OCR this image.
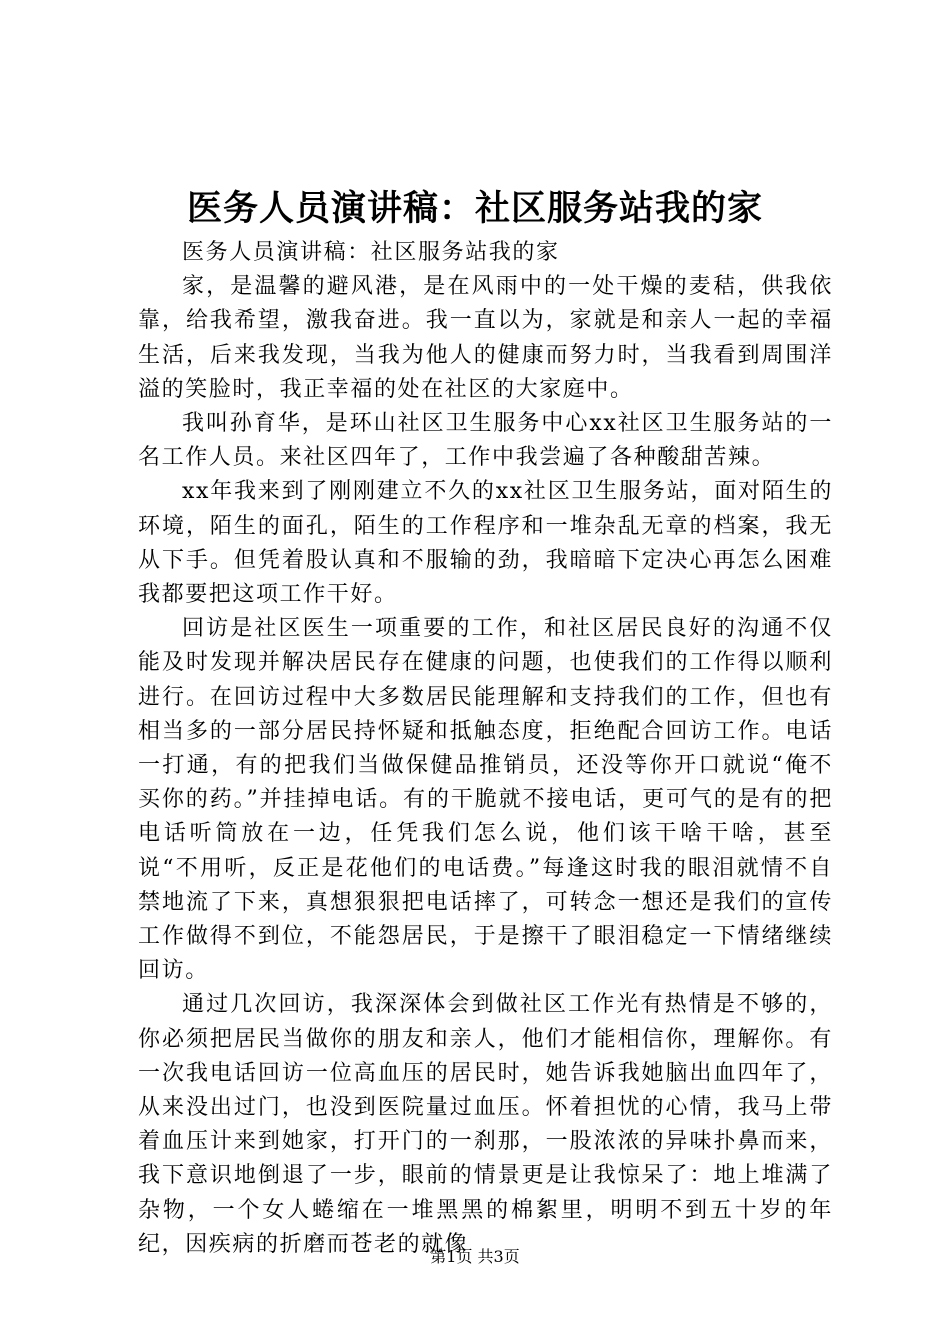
医务人员演讲稿：社区服务站我的家

医务人员演讲稿：社区服务站我的家

家，是温馨的避风港，是在风雨中的一处干燥的麦秸，供我依靠，给我希望，激我奋进。我一直以为，家就是和亲人一起的幸福生活，后来我发现，当我为他人的健康而努力时，当我看到周围洋溢的笑脸时，我正幸福的处在社区的大家庭中。

我叫孙育华，是环山社区卫生服务中心xx社区卫生服务站的一名工作人员。来社区四年了，工作中我尝遍了各种酸甜苦辣。

xx年我来到了刚刚建立不久的xx社区卫生服务站，面对陌生的环境，陌生的面孔，陌生的工作程序和一堆杂乱无章的档案，我无从下手。但凭着股认真和不服输的劲，我暗暗下定决心再怎么困难我都要把这项工作干好。

回访是社区医生一项重要的工作，和社区居民良好的沟通不仅能及时发现并解决居民存在健康的问题，也使我们的工作得以顺利进行。在回访过程中大多数居民能理解和支持我们的工作，但也有相当多的一部分居民持怀疑和抵触态度，拒绝配合回访工作。电话一打通，有的把我们当做保健品推销员，还没等你开口就说“俺不买你的药。”并挂掉电话。有的干脆就不接电话，更可气的是有的把电话听筒放在一边，任凭我们怎么说，他们该干啥干啥，甚至说“不用听，反正是花他们的电话费。”每逢这时我的眼泪就情不自禁地流了下来，真想狠狠把电话摔了，可转念一想还是我们的宣传工作做得不到位，不能怨居民，于是擦干了眼泪稳定一下情绪继续回访。

通过几次回访，我深深体会到做社区工作光有热情是不够的，你必须把居民当做你的朋友和亲人，他们才能相信你，理解你。有一次我电话回访一位高血压的居民时，她告诉我她脑出血四年了，从来没出过门，也没到医院量过血压。怀着担忧的心情，我马上带着血压计来到她家，打开门的一刹那，一股浓浓的异味扑鼻而来，我下意识地倒退了一步，眼前的情景更是让我惊呆了：地上堆满了杂物，一个女人蜷缩在一堆黑黑的棉絮里，明明不到五十岁的年纪，因疾病的折磨而苍老的就像

第1页 共3页
